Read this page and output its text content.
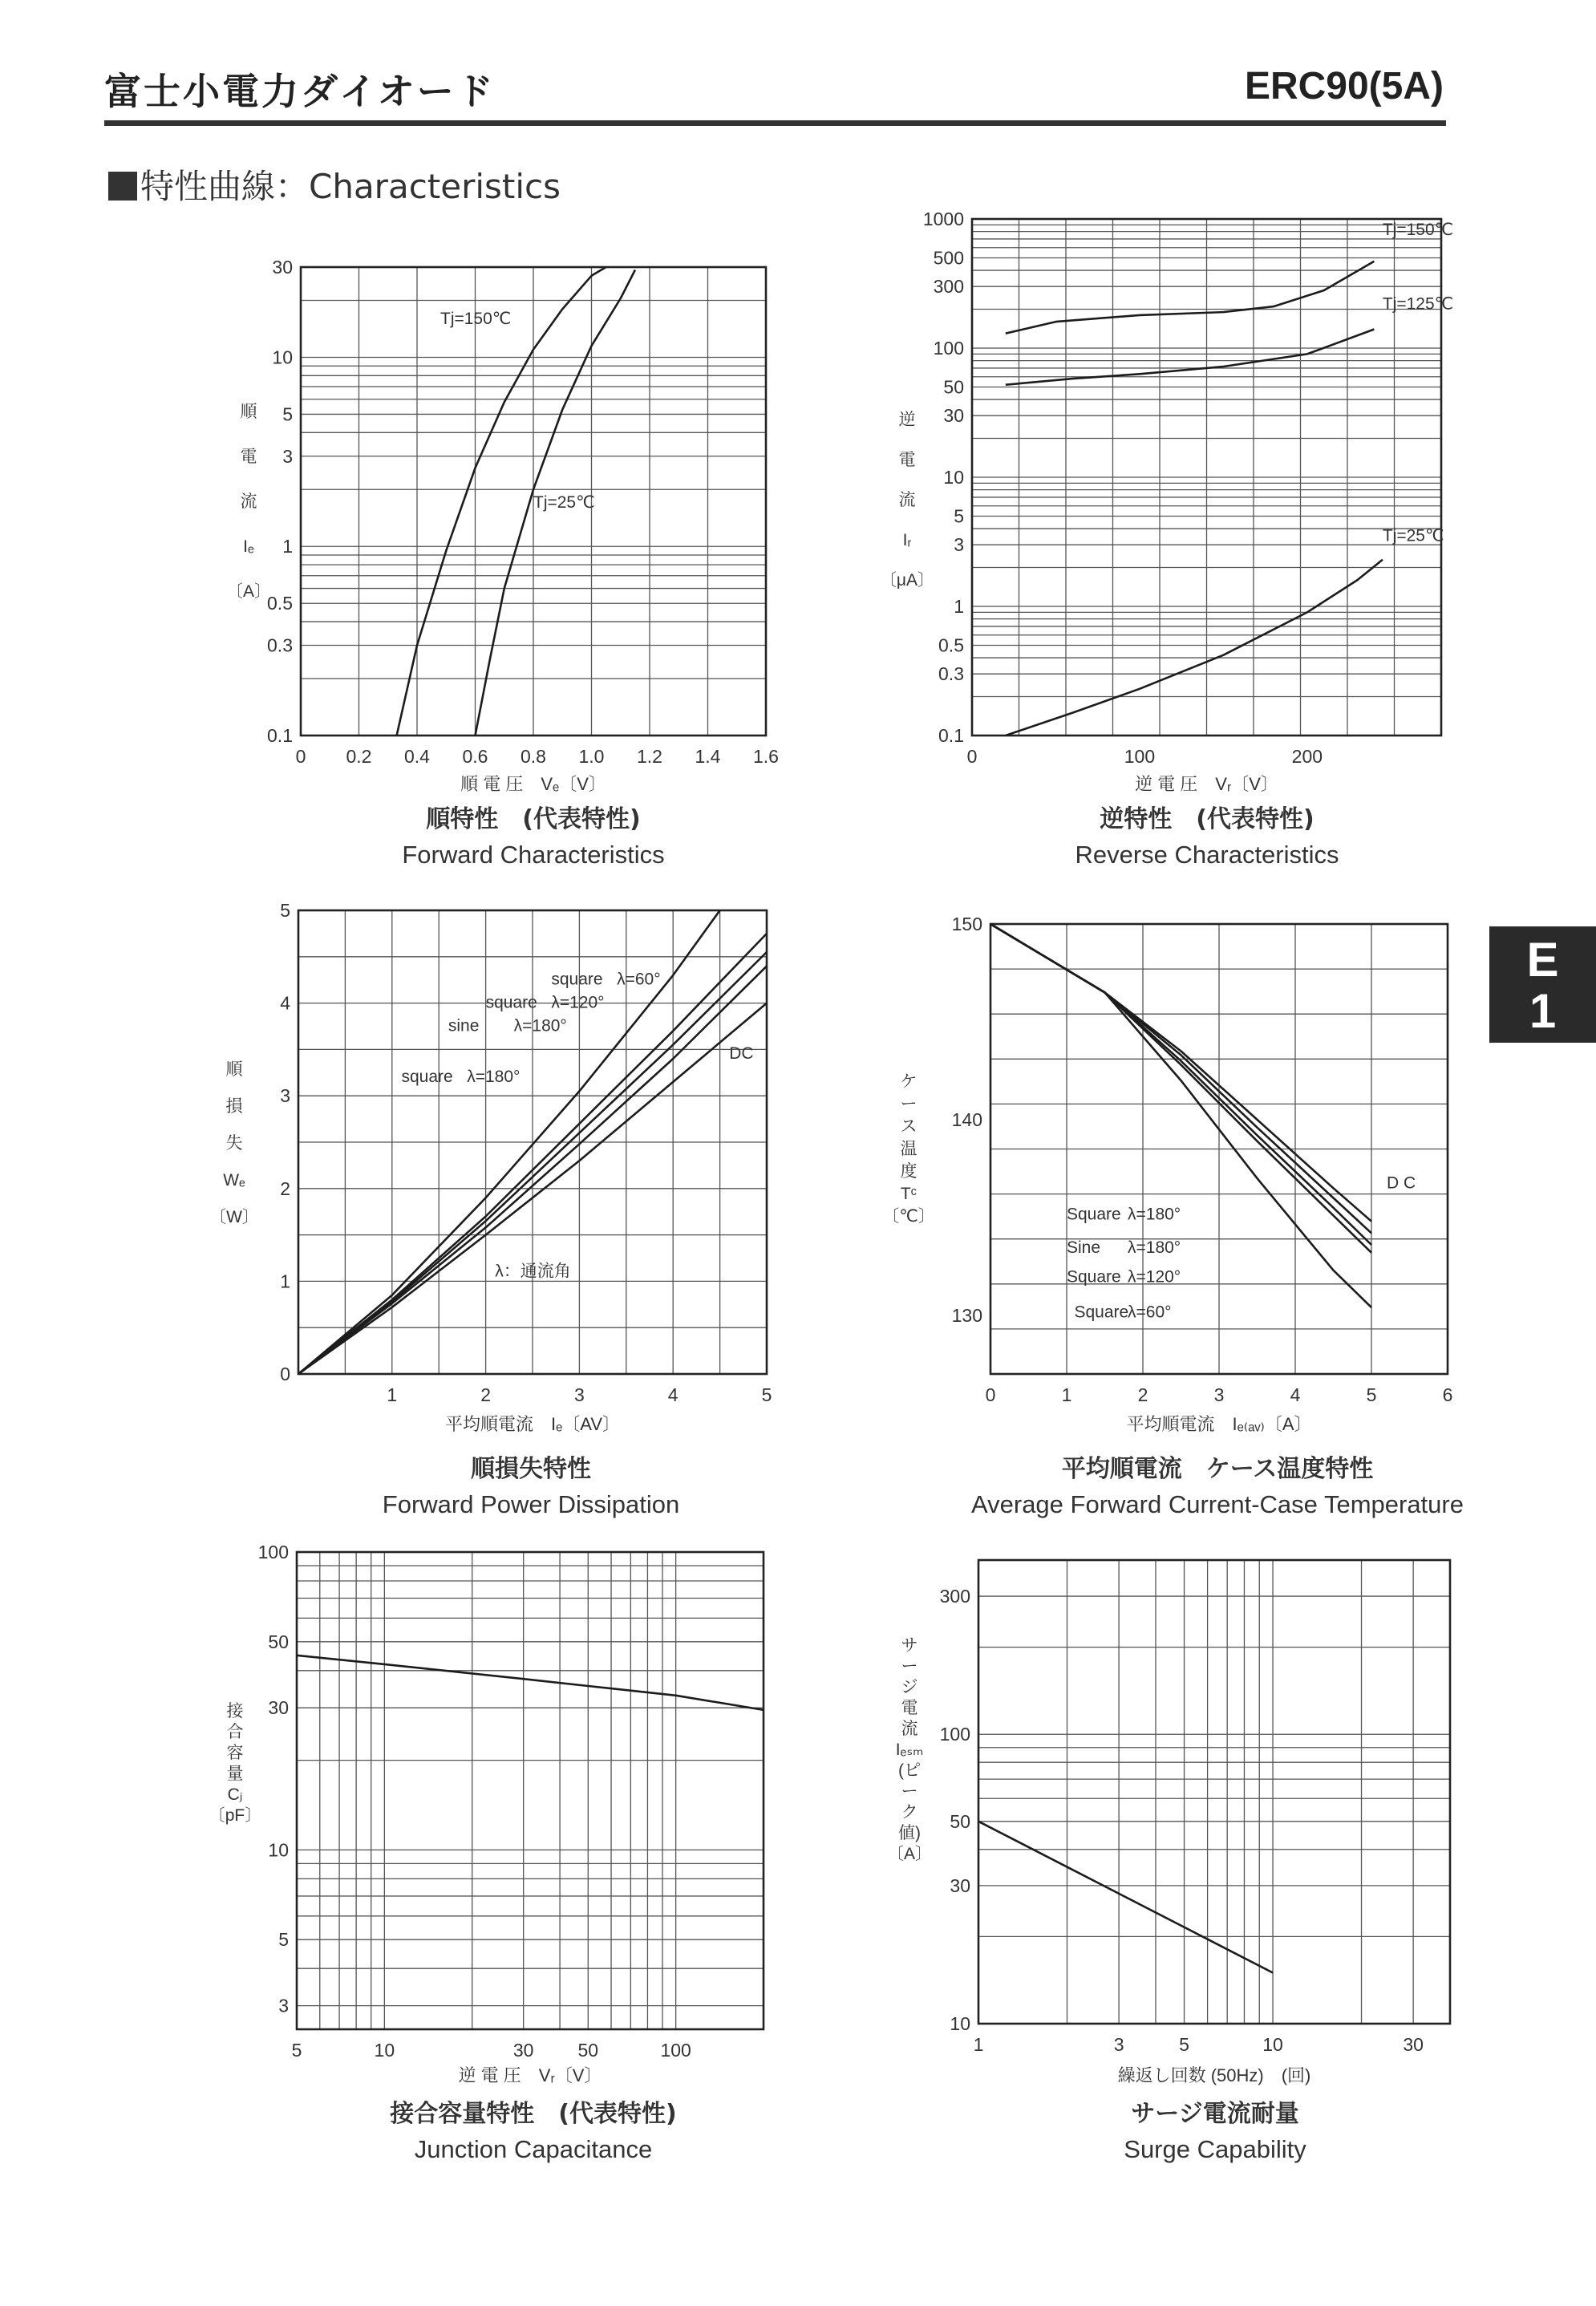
富士小電力ダイオード	ERC90(5A)
特性曲線：Characteristics
E
1
0 0.2 0.4 0.6 0.8 1.0 1.2 1.4 1.6
0.1
0.3
0.5
1
3
5
10
30
Tj=150℃
Tj=25℃
順 電 圧　Vₑ〔V〕
順
電
流
Iₑ
〔A〕
順特性　(代表特性)
Forward Characteristics
0	100	200
0.1
0.3
0.5
1
3
5
10
30
50
100
300
500
1000
Tj=150℃
Tj=125℃
Tj=25℃
逆 電 圧　Vᵣ〔V〕
逆
電
流
Iᵣ
〔μA〕
逆特性　(代表特性)
Reverse Characteristics
1	2	3	4	5
0
1
2
3
4
5
square λ=60°
square λ=120°
sine λ=180°
DC
square λ=180°
λ：通流角
平均順電流　Iₑ〔AV〕
順
損
失
Wₑ
〔W〕
順損失特性
Forward Power Dissipation
0	1	2	3	4	5	6
130
140
150
D C
Square λ=180°
Sine λ=180°
Square λ=120°
Square
λ=60°
平均順電流　Iₑ₍ₐᵥ₎〔A〕
ケ
ー
ス
温
度
Tᶜ
〔℃〕
平均順電流　ケース温度特性
Average Forward Current-Case Temperature
5	10	30 50	100
3
5
10
30
50
100
逆 電 圧　Vᵣ〔V〕
接
合
容
量
Cⱼ
〔pF〕
接合容量特性　(代表特性)
Junction Capacitance
1	3	5	10	30
10
30
50
100
300
繰返し回数 (50Hz)　(回)
サ
ー
ジ
電
流
Iₑₛₘ
(ピ
ー
ク
値)
〔A〕
サージ電流耐量
Surge Capability
